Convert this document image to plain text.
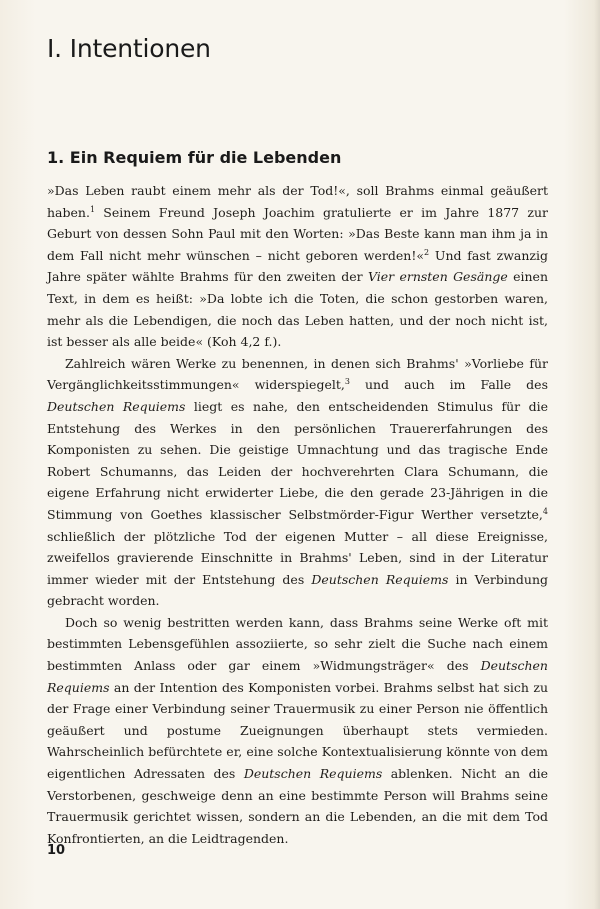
I. Intentionen
1. Ein Requiem für die Lebenden

»Das Leben raubt einem mehr als der Tod!«, soll Brahms einmal geäußert haben.$^1$ Seinem Freund Joseph Joachim gratulierte er im Jahre 1877 zur Geburt von dessen Sohn Paul mit den Worten: »Das Beste kann man ihm ja in dem Fall nicht mehr wünschen – nicht geboren werden!«$^2$ Und fast zwanzig Jahre später wählte Brahms für den zweiten der Vier ernsten Gesänge einen Text, in dem es heißt: »Da lobte ich die Toten, die schon gestorben waren, mehr als die Lebendigen, die noch das Leben hatten, und der noch nicht ist, ist besser als alle beide« (Koh 4,2 f.).

Zahlreich wären Werke zu benennen, in denen sich Brahms' »Vorliebe für Vergänglichkeitsstimmungen« widerspiegelt,$^3$ und auch im Falle des Deutschen Requiems liegt es nahe, den entscheidenden Stimulus für die Entstehung des Werkes in den persönlichen Trauererfahrungen des Komponisten zu sehen. Die geistige Umnachtung und das tragische Ende Robert Schumanns, das Leiden der hochverehrten Clara Schumann, die eigene Erfahrung nicht erwiderter Liebe, die den gerade 23-Jährigen in die Stimmung von Goethes klassischer Selbstmörder-Figur Werther versetzte,$^4$ schließlich der plötzliche Tod der eigenen Mutter – all diese Ereignisse, zweifellos gravierende Einschnitte in Brahms' Leben, sind in der Literatur immer wieder mit der Entstehung des Deutschen Requiems in Verbindung gebracht worden.

Doch so wenig bestritten werden kann, dass Brahms seine Werke oft mit bestimmten Lebensgefühlen assoziierte, so sehr zielt die Suche nach einem bestimmten Anlass oder gar einem »Widmungsträger« des Deutschen Requiems an der Intention des Komponisten vorbei. Brahms selbst hat sich zu der Frage einer Verbindung seiner Trauermusik zu einer Person nie öffentlich geäußert und postume Zueignungen überhaupt stets vermieden. Wahrscheinlich befürchtete er, eine solche Kontextualisierung könnte von dem eigentlichen Adressaten des Deutschen Requiems ablenken. Nicht an die Verstorbenen, geschweige denn an eine bestimmte Person will Brahms seine Trauermusik gerichtet wissen, sondern an die Lebenden, an die mit dem Tod Konfrontierten, an die Leidtragenden.

10
